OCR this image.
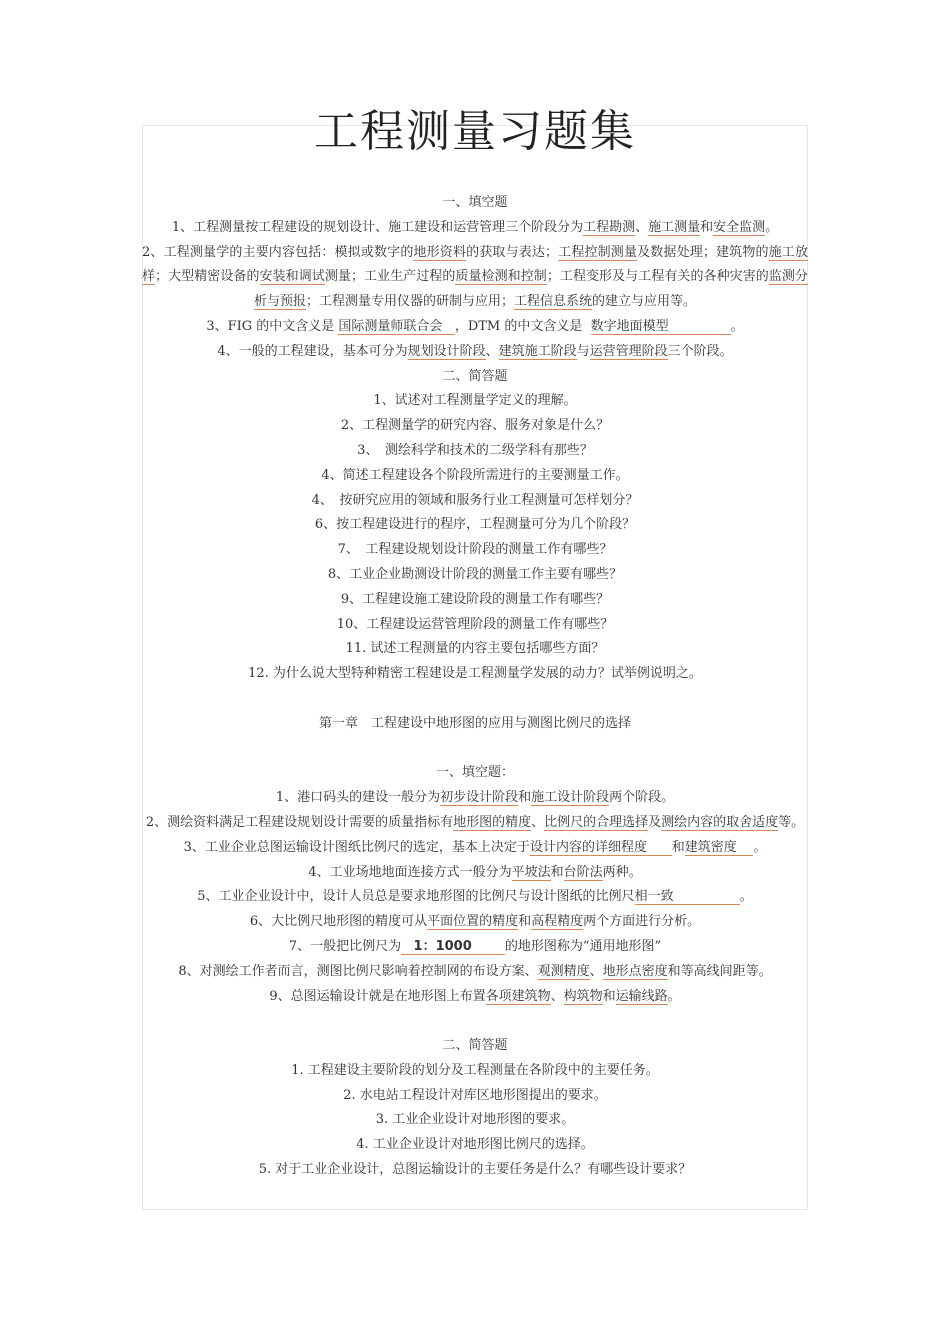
工程测量习题集
一、填空题
1、工程测量按工程建设的规划设计、施工建设和运营管理三个阶段分为工程勘测、施工测量和安全监测。
2、工程测量学的主要内容包括：模拟或数字的地形资料的获取与表达；工程控制测量及数据处理；建筑物的施工放样；大型精密设备的安装和调试测量；工业生产过程的质量检测和控制；工程变形及与工程有关的各种灾害的监测分析与预报；工程测量专用仪器的研制与应用；工程信息系统的建立与应用等。
3、FIG 的中文含义是 国际测量师联合会 ，DTM 的中文含义是 数字地面模型	。
4、一般的工程建设，基本可分为规划设计阶段、建筑施工阶段与运营管理阶段三个阶段。
二、简答题
1、试述对工程测量学定义的理解。
2、工程测量学的研究内容、服务对象是什么？
3、　测绘科学和技术的二级学科有那些？
4、简述工程建设各个阶段所需进行的主要测量工作。
4、　按研究应用的领域和服务行业工程测量可怎样划分？
6、按工程建设进行的程序，工程测量可分为几个阶段？
7、　工程建设规划设计阶段的测量工作有哪些？
8、工业企业勘测设计阶段的测量工作主要有哪些？
9、工程建设施工建设阶段的测量工作有哪些？
10、工程建设运营管理阶段的测量工作有哪些？
11. 试述工程测量的内容主要包括哪些方面？
12. 为什么说大型特种精密工程建设是工程测量学发展的动力？试举例说明之。
第一章　工程建设中地形图的应用与测图比例尺的选择
一、填空题：
1、港口码头的建设一般分为初步设计阶段和施工设计阶段两个阶段。
2、测绘资料满足工程建设规划设计需要的质量指标有地形图的精度、比例尺的合理选择及测绘内容的取舍适度等。
3、工业企业总图运输设计图纸比例尺的选定，基本上决定于设计内容的详细程度 和建筑密度 。
4、工业场地地面连接方式一般分为平坡法和台阶法两种。
5、工业企业设计中，设计人员总是要求地形图的比例尺与设计图纸的比例尺相一致	。
6、大比例尺地形图的精度可从平面位置的精度和高程精度两个方面进行分析。
7、一般把比例尺为 1：1000	的地形图称为“通用地形图”
8、对测绘工作者而言，测图比例尺影响着控制网的布设方案、观测精度、地形点密度和等高线间距等。
9、总图运输设计就是在地形图上布置各项建筑物、构筑物和运输线路。
二、简答题
1. 工程建设主要阶段的划分及工程测量在各阶段中的主要任务。
2. 水电站工程设计对库区地形图提出的要求。
3. 工业企业设计对地形图的要求。
4. 工业企业设计对地形图比例尺的选择。
5. 对于工业企业设计，总图运输设计的主要任务是什么？有哪些设计要求？
